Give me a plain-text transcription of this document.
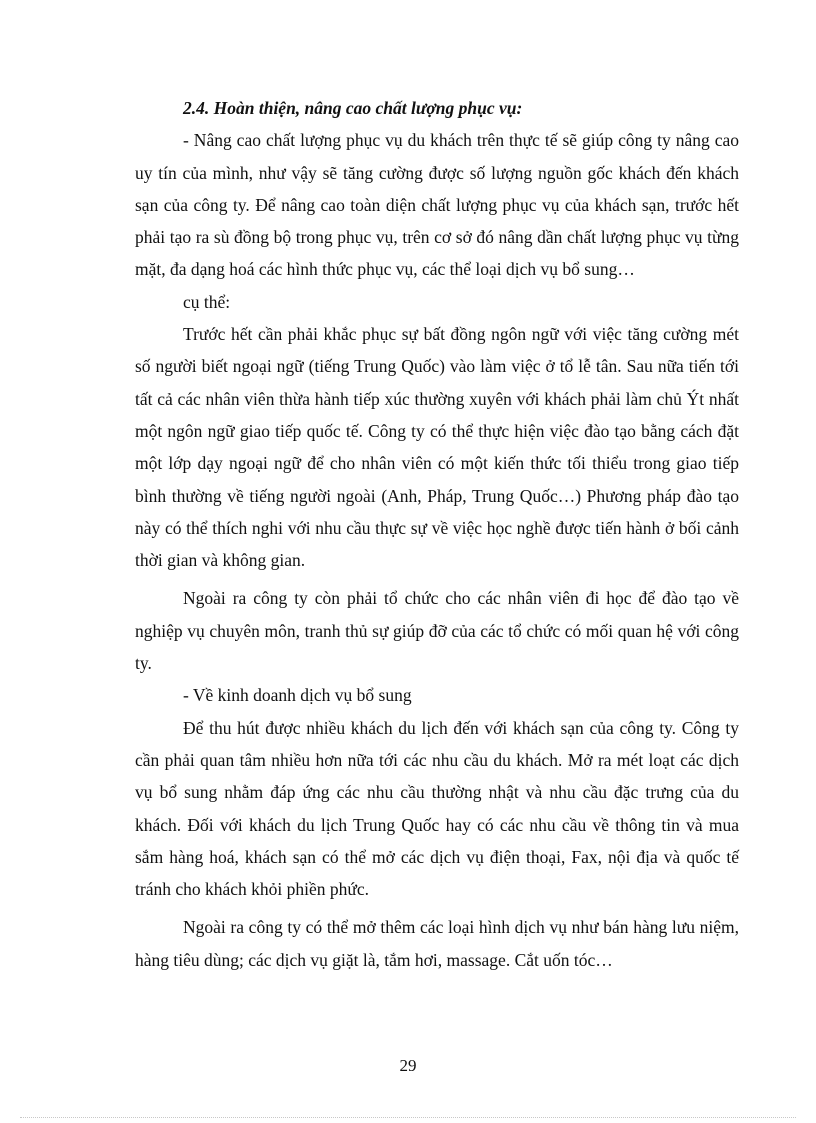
2.4. Hoàn thiện, nâng cao chất lượng phục vụ:

- Nâng cao chất lượng phục vụ du khách trên thực tế sẽ giúp công ty nâng cao uy tín của mình, như vậy sẽ tăng cường được số lượng nguồn gốc khách đến khách sạn của công ty. Để nâng cao toàn diện chất lượng phục vụ của khách sạn, trước hết phải tạo ra sù đồng bộ trong phục vụ, trên cơ sở đó nâng dần chất lượng phục vụ từng mặt, đa dạng hoá các hình thức phục vụ, các thể loại dịch vụ bổ sung…

cụ thể:

Trước hết cần phải khắc phục sự bất đồng ngôn ngữ với việc tăng cường mét số người biết ngoại ngữ (tiếng Trung Quốc) vào làm việc ở tổ lễ tân. Sau nữa tiến tới tất cả các nhân viên thừa hành tiếp xúc thường xuyên với khách phải làm chủ Ýt nhất một ngôn ngữ giao tiếp quốc tế. Công ty có thể thực hiện việc đào tạo bằng cách đặt một lớp dạy ngoại ngữ để cho nhân viên có một kiến thức tối thiểu trong giao tiếp bình thường về tiếng người ngoài (Anh, Pháp, Trung Quốc…) Phương pháp đào tạo này có thể thích nghi với nhu cầu thực sự về việc học nghề được tiến hành ở bối cảnh thời gian và không gian.

Ngoài ra công ty còn phải tổ chức cho các nhân viên đi học để đào tạo về nghiệp vụ chuyên môn, tranh thủ sự giúp đỡ của các tổ chức có mối quan hệ với công ty.

- Về kinh doanh dịch vụ bổ sung

Để thu hút được nhiều khách du lịch đến với khách sạn của công ty. Công ty cần phải quan tâm nhiều hơn nữa tới các nhu cầu du khách. Mở ra mét loạt các dịch vụ bổ sung nhằm đáp ứng các nhu cầu thường nhật và nhu cầu đặc trưng của du khách. Đối với khách du lịch Trung Quốc hay có các nhu cầu về thông tin và mua sắm hàng hoá, khách sạn có thể mở các dịch vụ điện thoại, Fax, nội địa và quốc tế tránh cho khách khỏi phiền phức.

Ngoài ra công ty có thể mở thêm các loại hình dịch vụ như bán hàng lưu niệm, hàng tiêu dùng; các dịch vụ giặt là, tắm hơi, massage. Cắt uốn tóc…

29
